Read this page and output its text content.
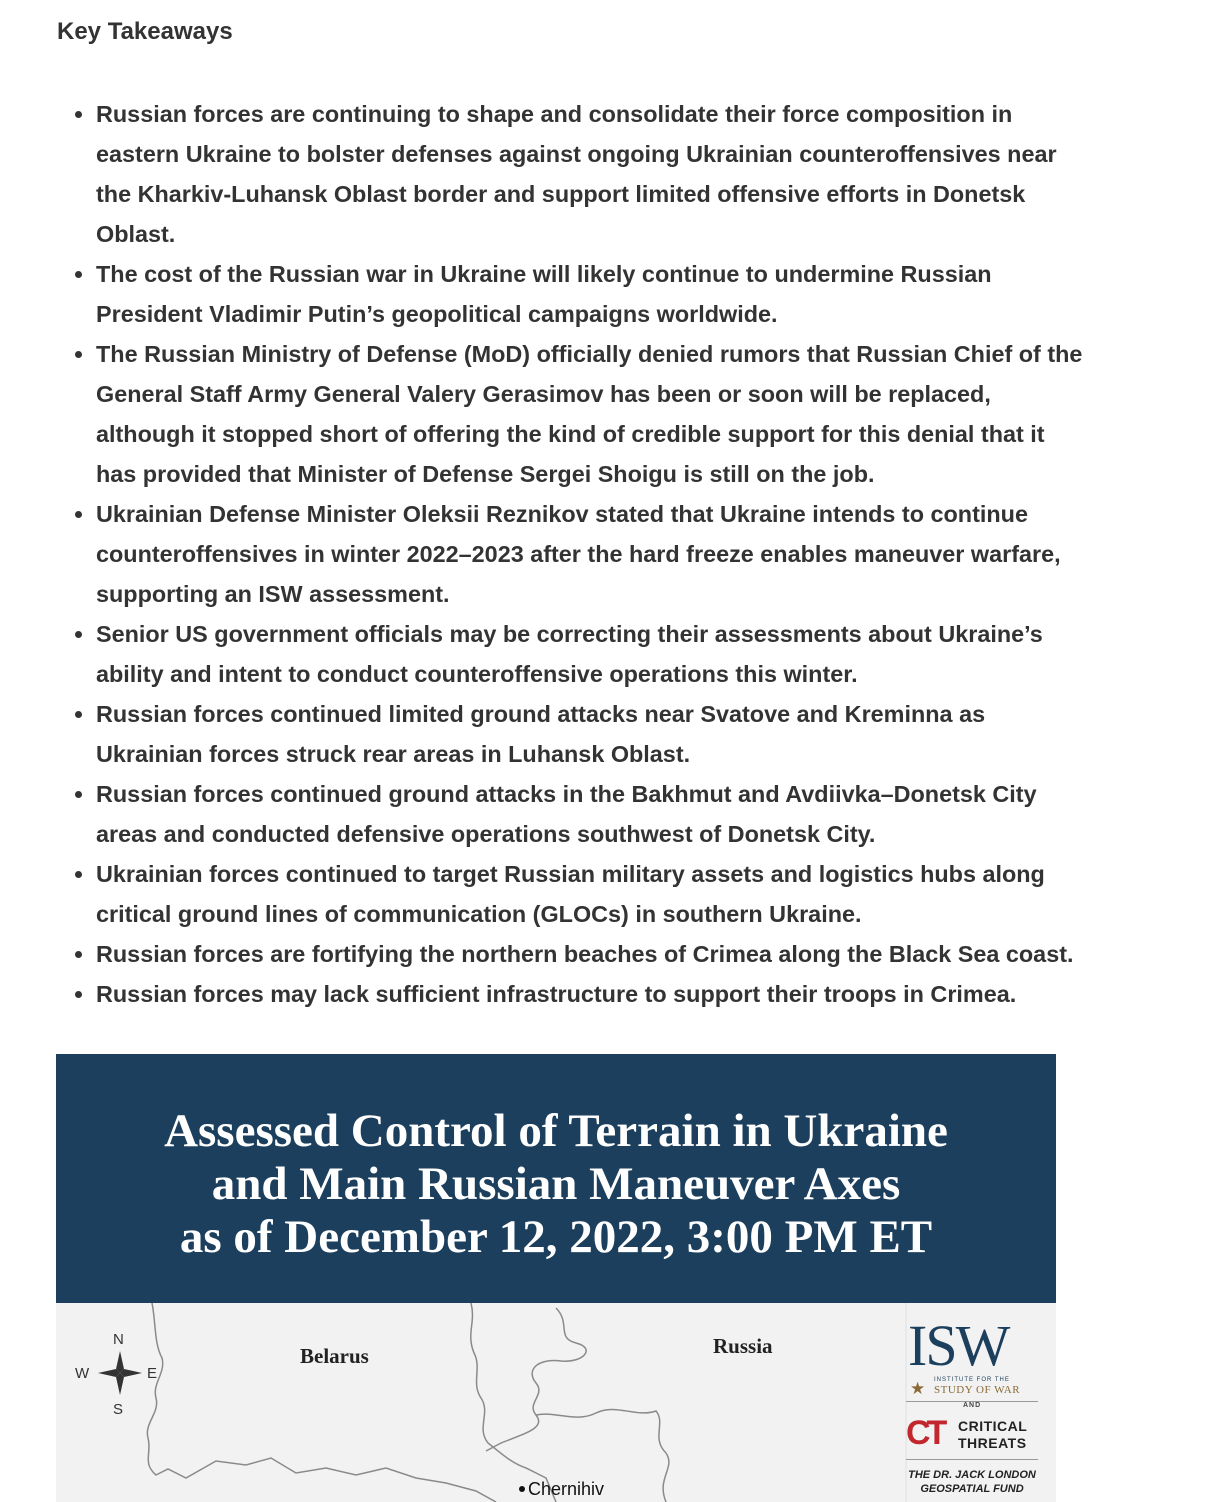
Key Takeaways
Russian forces are continuing to shape and consolidate their force composition in
eastern Ukraine to bolster defenses against ongoing Ukrainian counteroffensives near
the Kharkiv-Luhansk Oblast border and support limited offensive efforts in Donetsk
Oblast.
The cost of the Russian war in Ukraine will likely continue to undermine Russian
President Vladimir Putin’s geopolitical campaigns worldwide.
The Russian Ministry of Defense (MoD) officially denied rumors that Russian Chief of the
General Staff Army General Valery Gerasimov has been or soon will be replaced,
although it stopped short of offering the kind of credible support for this denial that it
has provided that Minister of Defense Sergei Shoigu is still on the job.
Ukrainian Defense Minister Oleksii Reznikov stated that Ukraine intends to continue
counteroffensives in winter 2022–2023 after the hard freeze enables maneuver warfare,
supporting an ISW assessment.
Senior US government officials may be correcting their assessments about Ukraine’s
ability and intent to conduct counteroffensive operations this winter.
Russian forces continued limited ground attacks near Svatove and Kreminna as
Ukrainian forces struck rear areas in Luhansk Oblast.
Russian forces continued ground attacks in the Bakhmut and Avdiivka–Donetsk City
areas and conducted defensive operations southwest of Donetsk City.
Ukrainian forces continued to target Russian military assets and logistics hubs along
critical ground lines of communication (GLOCs) in southern Ukraine.
Russian forces are fortifying the northern beaches of Crimea along the Black Sea coast.
Russian forces may lack sufficient infrastructure to support their troops in Crimea.
Assessed Control of Terrain in Ukraine
and Main Russian Maneuver Axes
as of December 12, 2022, 3:00 PM ET
N
S
E
W
Belarus	Russia
Chernihiv
ISW
★ INSTITUTE FOR THE
STUDY OF WAR
AND
CT CRITICAL
THREATS
THE DR. JACK LONDON
GEOSPATIAL FUND
